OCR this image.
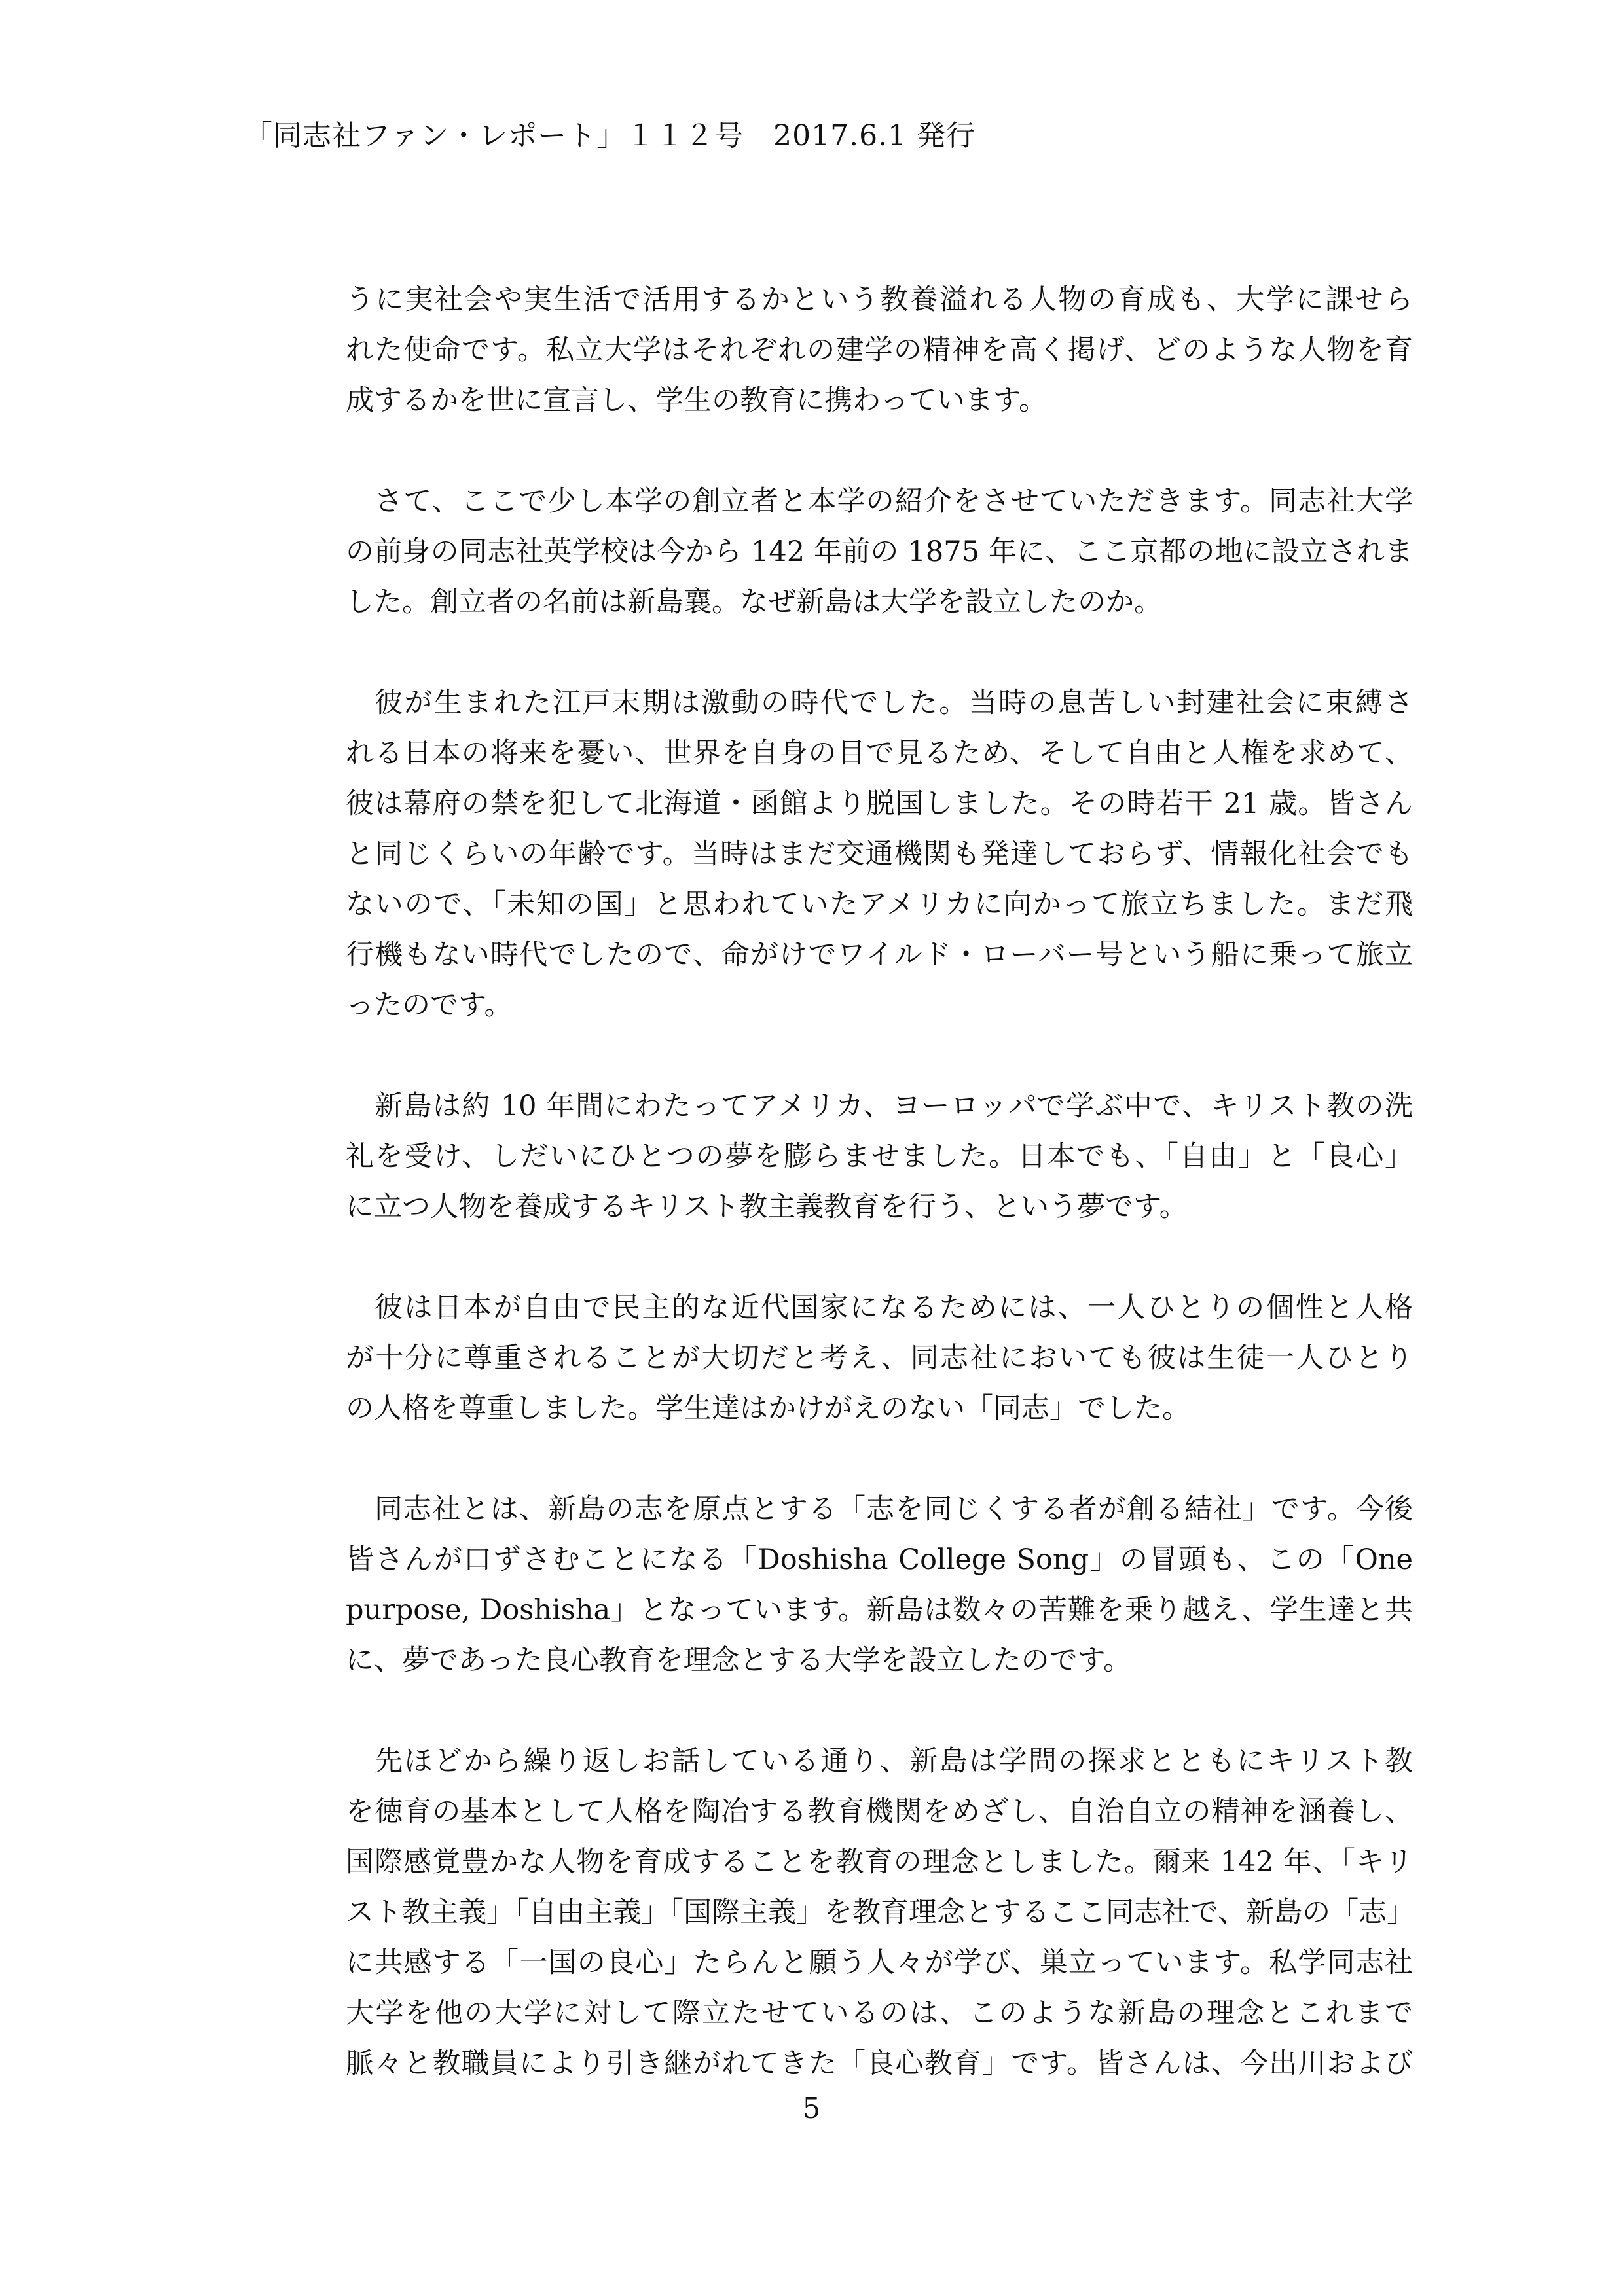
「同志社ファン・レポート」１１２号　2017.6.1 発行
うに実社会や実生活で活用するかという教養溢れる人物の育成も、大学に課せら
れた使命です。私立大学はそれぞれの建学の精神を高く掲げ、どのような人物を育
成するかを世に宣言し、学生の教育に携わっています。
さて、ここで少し本学の創立者と本学の紹介をさせていただきます。同志社大学
の前身の同志社英学校は今から 142 年前の 1875 年に、ここ京都の地に設立されま
した。創立者の名前は新島襄。なぜ新島は大学を設立したのか。
彼が生まれた江戸末期は激動の時代でした。当時の息苦しい封建社会に束縛さ
れる日本の将来を憂い、世界を自身の目で見るため、そして自由と人権を求めて、
彼は幕府の禁を犯して北海道・函館より脱国しました。その時若干 21 歳。皆さん
と同じくらいの年齢です。当時はまだ交通機関も発達しておらず、情報化社会でも
ないので、「未知の国」と思われていたアメリカに向かって旅立ちました。まだ飛
行機もない時代でしたので、命がけでワイルド・ローバー号という船に乗って旅立
ったのです。
新島は約 10 年間にわたってアメリカ、ヨーロッパで学ぶ中で、キリスト教の洗
礼を受け、しだいにひとつの夢を膨らませました。日本でも、「自由」と「良心」
に立つ人物を養成するキリスト教主義教育を行う、という夢です。
彼は日本が自由で民主的な近代国家になるためには、一人ひとりの個性と人格
が十分に尊重されることが大切だと考え、同志社においても彼は生徒一人ひとり
の人格を尊重しました。学生達はかけがえのない「同志」でした。
同志社とは、新島の志を原点とする「志を同じくする者が創る結社」です。今後
皆さんが口ずさむことになる「Doshisha College Song」の冒頭も、この「One
purpose, Doshisha」となっています。新島は数々の苦難を乗り越え、学生達と共
に、夢であった良心教育を理念とする大学を設立したのです。
先ほどから繰り返しお話している通り、新島は学問の探求とともにキリスト教
を徳育の基本として人格を陶冶する教育機関をめざし、自治自立の精神を涵養し、
国際感覚豊かな人物を育成することを教育の理念としました。爾来 142 年、「キリ
スト教主義」「自由主義」「国際主義」を教育理念とするここ同志社で、新島の「志」
に共感する「一国の良心」たらんと願う人々が学び、巣立っています。私学同志社
大学を他の大学に対して際立たせているのは、このような新島の理念とこれまで
脈々と教職員により引き継がれてきた「良心教育」です。皆さんは、今出川および
5
